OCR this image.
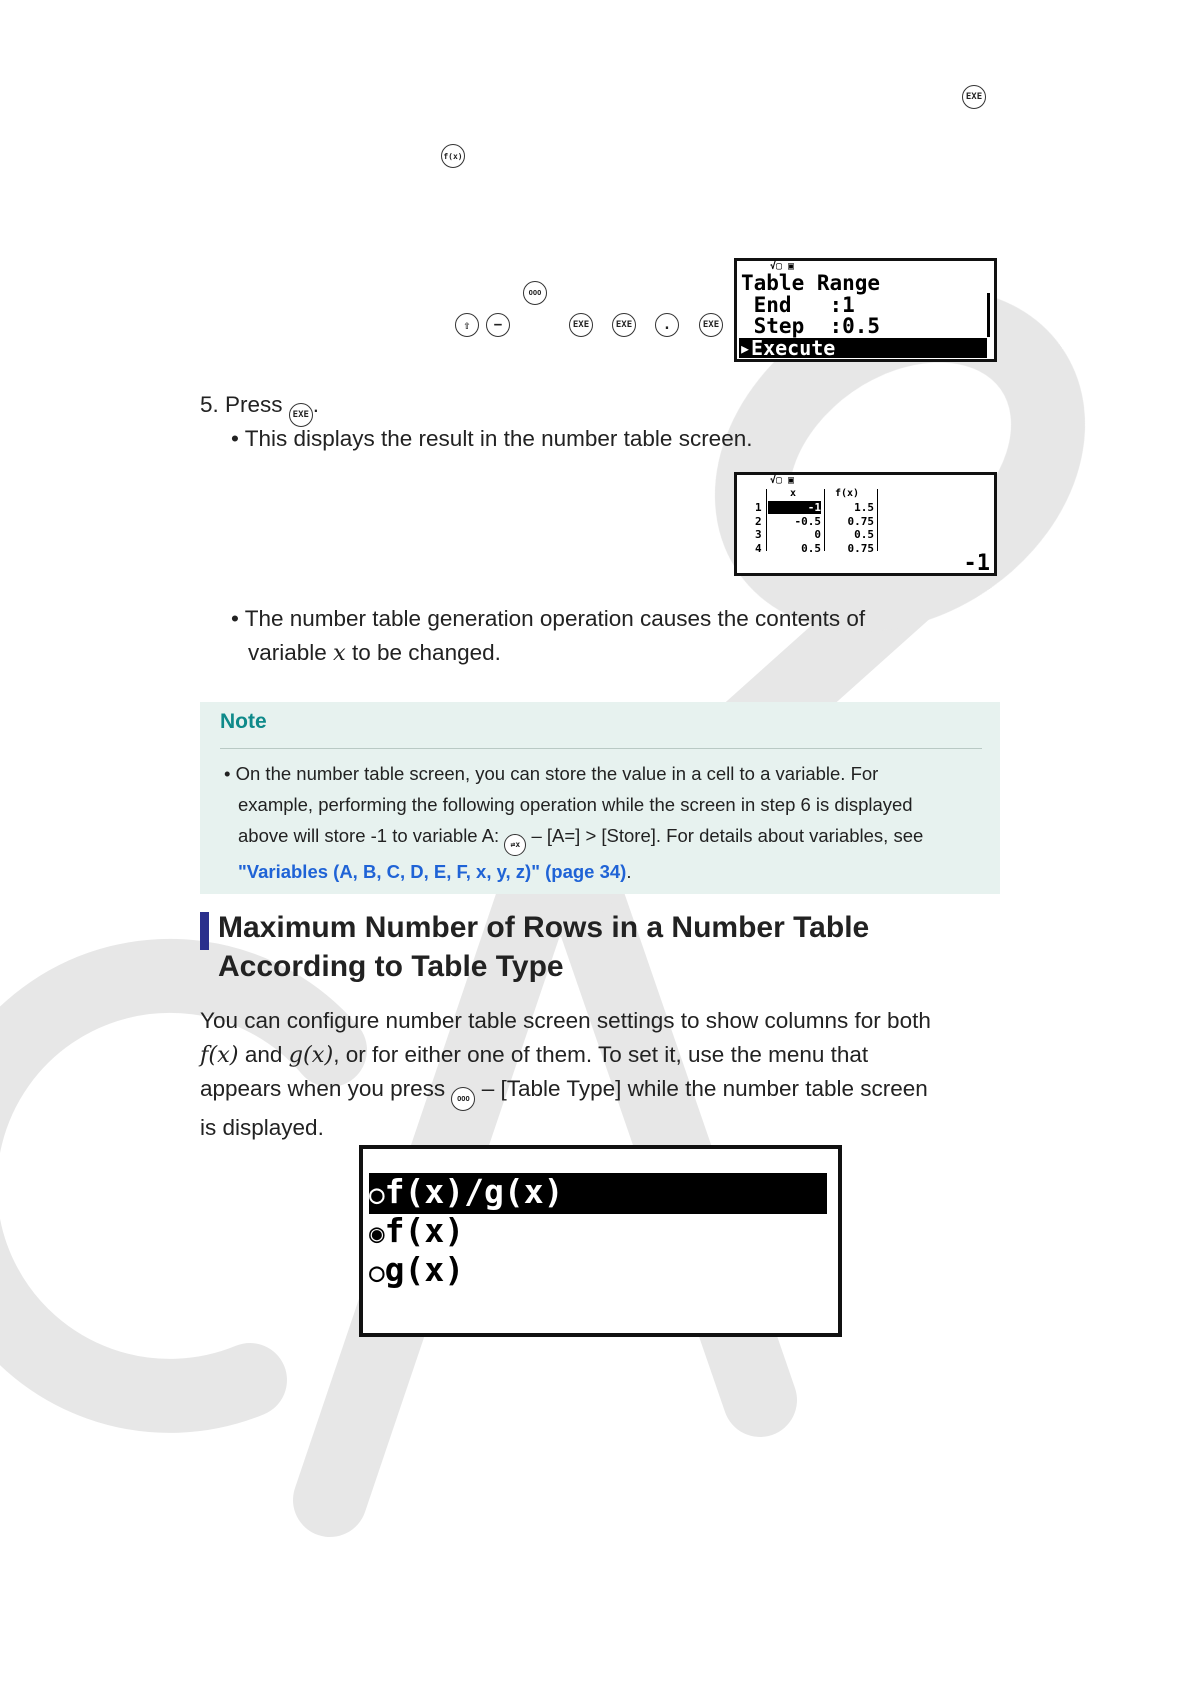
EXE
f(x)
OOO
⇧ −	EXE	EXE .	EXE
√▢ ▣
Table Range
End   :1
Step  :0.5
▸Execute
5. Press EXE .
• This displays the result in the number table screen.
√▢ ▣
x	f(x)
1	-1	1.5
2	-0.5	0.75
3	0	0.5
4	0.5	0.75
-1
• The number table generation operation causes the contents of
variable x to be changed.
Note
• On the number table screen, you can store the value in a cell to a variable. For
example, performing the following operation while the screen in step 6 is displayed
above will store -1 to variable A: ⇄x – [A=] > [Store]. For details about variables, see
"Variables (A, B, C, D, E, F, x, y, z)" (page 34).
Maximum Number of Rows in a Number Table
According to Table Type
You can configure number table screen settings to show columns for both
f(x) and g(x), or for either one of them. To set it, use the menu that
appears when you press OOO – [Table Type] while the number table screen
is displayed.
○f(x)/g(x)
◉f(x)
○g(x)
